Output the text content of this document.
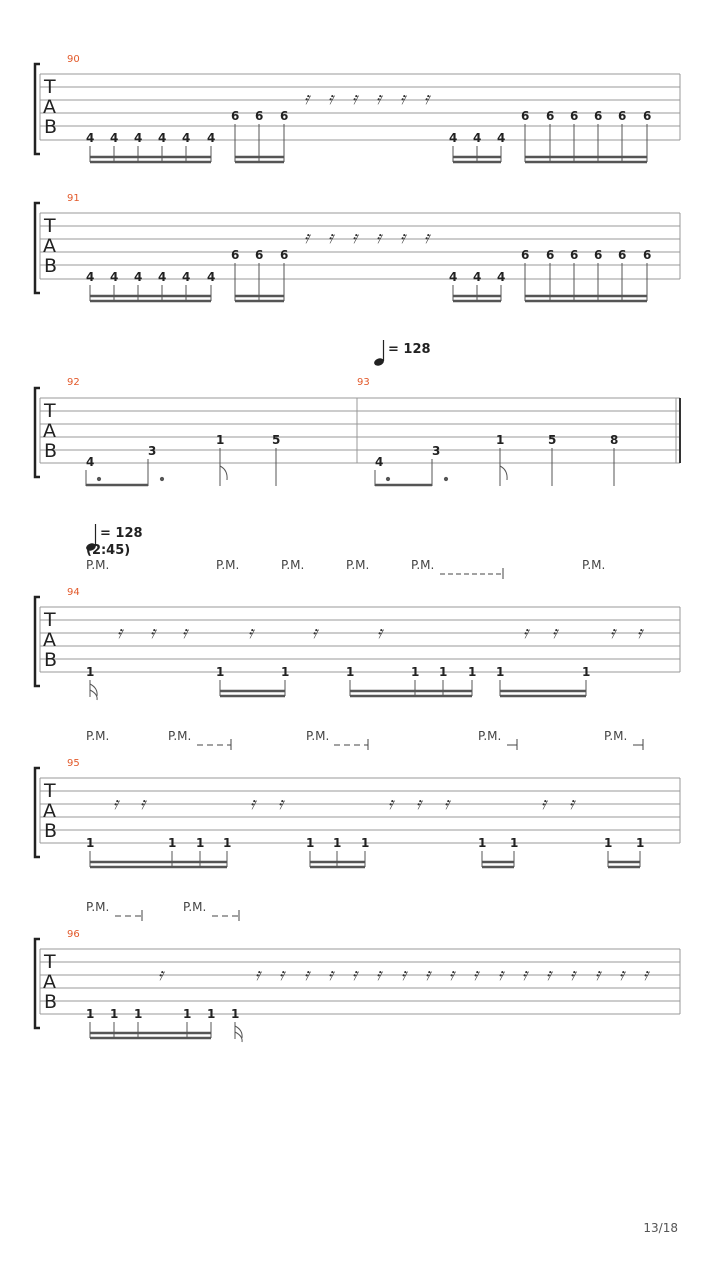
90
T
A
B 4 4 4 4 4 4
6 6 6
4 4 4
6 6 6 6 6 6
𝄿 𝄿 𝄿 𝄿 𝄿 𝄿
91
T
A
B 4 4 4 4 4 4
6 6 6
4 4 4
6 6 6 6 6 6
𝄿 𝄿 𝄿 𝄿 𝄿 𝄿
= 128
92	93
T
A
B 4
3
1	5
4
3
1	5	8
= 128
(2:45)
P.M.	P.M.	P.M.	P.M.	P.M.	P.M.
94
T
A
B
1	1	1	1	1 1 1 1	1
𝄿 𝄿 𝄿	𝄿	𝄿	𝄿	𝄿 𝄿	𝄿 𝄿
P.M.	P.M.	P.M.	P.M.	P.M.
95
T
A
B
1	1 1 1	1 1 1	1 1	1 1
𝄿 𝄿	𝄿 𝄿	𝄿 𝄿 𝄿	𝄿 𝄿
P.M.	P.M.
96
T
A
B
1 1 1	1 1 1
𝄿	𝄿 𝄿 𝄿 𝄿 𝄿 𝄿 𝄿 𝄿 𝄿 𝄿 𝄿 𝄿 𝄿 𝄿 𝄿 𝄿 𝄿
13/18
